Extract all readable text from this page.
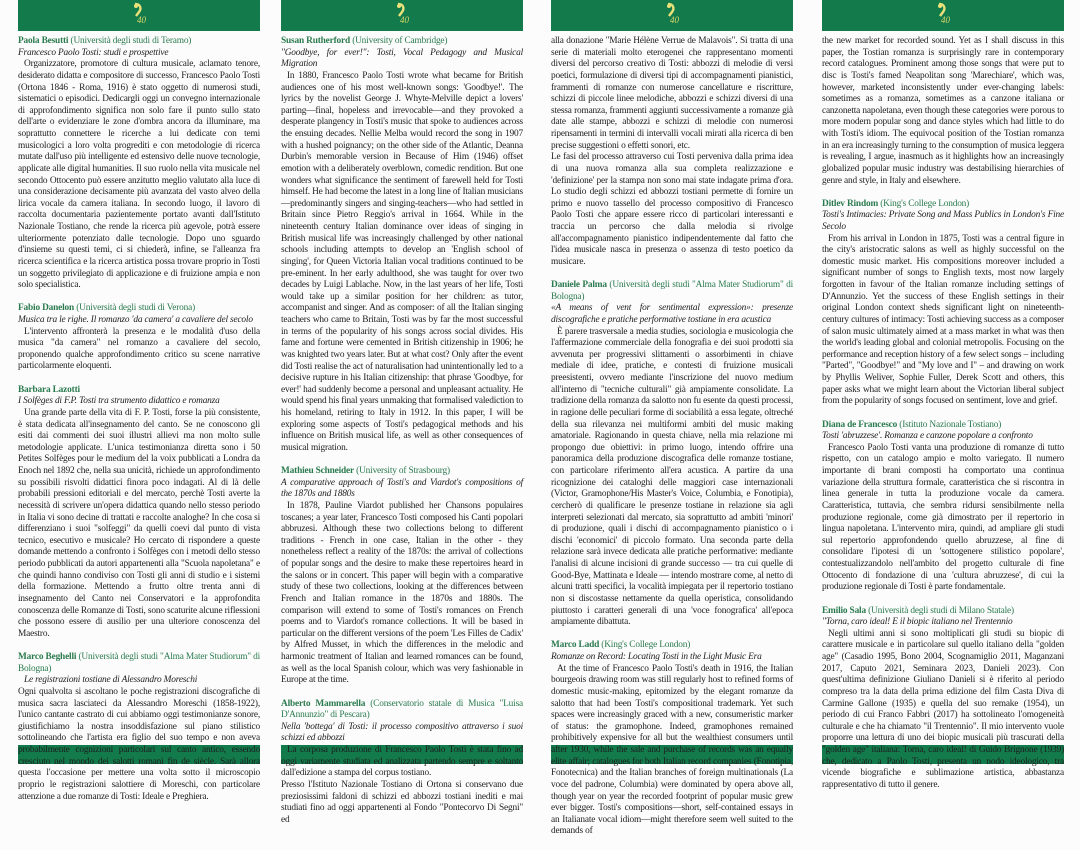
40
Paola Besutti (Università degli studi di Teramo)
Francesco Paolo Tosti: studi e prospettive

Organizzatore, promotore di cultura musicale, aclamato tenore, desiderato didatta e compositore di successo, Francesco Paolo Tosti (Ortona 1846 - Roma, 1916) è stato oggetto di numerosi studi, sistematici o episodici. Dedicargli oggi un convegno internazionale di approfondimento significa non solo fare il punto sullo stato dell'arte o evidenziare le zone d'ombra ancora da illuminare, ma soprattutto connettere le ricerche a lui dedicate con temi musicologici a loro volta progrediti e con metodologie di ricerca mutate dall'uso più intelligente ed estensivo delle nuove tecnologie, applicate alle digital humanities. Il suo ruolo nella vita musicale nel secondo Ottocento può essere anzitutto meglio valutato alla luce di una considerazione decisamente più avanzata del vasto alveo della lirica vocale da camera italiana. In secondo luogo, il lavoro di raccolta documentaria pazientemente portato avanti dall'Istituto Nazionale Tostiano, che rende la ricerca più agevole, potrà essere ulteriormente potenziato dalle tecnologie. Dopo uno sguardo d'insieme su questi temi, ci si chiederà, infine, se l'alleanza fra ricerca scientifica e la ricerca artistica possa trovare proprio in Tosti un soggetto privilegiato di applicazione e di fruizione ampia e non solo specialistica.

Fabio Danelon (Università degli studi di Verona)
Musica tra le righe. Il romanzo 'da camera' a cavaliere del secolo

L'intervento affronterà la presenza e le modalità d'uso della musica "da camera" nel romanzo a cavaliere del secolo, proponendo qualche approfondimento critico su scene narrative particolarmente eloquenti.

Barbara Lazotti
I Solfèges di F.P. Tosti tra strumento didattico e romanza

Una grande parte della vita di F. P. Tosti, forse la più consistente, è stata dedicata all'insegnamento del canto. Se ne conoscono gli esiti dai commenti dei suoi illustri allievi ma non molto sulle metodologie applicate. L'unica testimonianza diretta sono i 50 Petites Solfèges pour le medium del la voix pubblicati a Londra da Enoch nel 1892 che, nella sua unicità, richiede un approfondimento su possibili risvolti didattici finora poco indagati. Al di là delle probabili pressioni editoriali e del mercato, perchè Tosti averte la necessità di scrivere un'opera didattica quando nello stesso periodo in Italia vi sono decine di trattati e raccolte analoghe? In che cosa si differenziano i suoi "solfeggi" da quelli coevi dal punto di vista tecnico, esecutivo e musicale? Ho cercato di rispondere a queste domande mettendo a confronto i Solfèges con i metodi dello stesso periodo pubblicati da autori appartenenti alla "Scuola napoletana" e che quindi hanno condiviso con Tosti gli anni di studio e i sistemi della formazione. Mettendo a frutto oltre trenta anni di insegnamento del Canto nei Conservatori e la approfondita conoscenza delle Romanze di Tosti, sono scaturite alcune riflessioni che possono essere di ausilio per una ulteriore conoscenza del Maestro.

Marco Beghelli (Università degli studi "Alma Mater Studiorum" di Bologna)
Le registrazioni tostiane di Alessandro Moreschi

Ogni qualvolta si ascoltano le poche registrazioni discografiche di musica sacra lasciateci da Alessandro Moreschi (1858-1922), l'unico cantante castrato di cui abbiamo oggi testimonianze sonore, giustifichiamo la nostra insoddisfazione sul piano stilistico sottolineando che l'artista era figlio del suo tempo e non aveva probabilmente cognizioni particolari sul canto antico, essendo cresciuto nel mondo dei salotti romani fin de siècle. Sarà allora questa l'occasione per mettere una volta sotto il microscopio proprio le registrazioni salottiere di Moreschi, con particolare attenzione a due romanze di Tosti: Ideale e Preghiera.

40
Susan Rutherford (University of Cambridge)
"Goodbye, for ever!": Tosti, Vocal Pedagogy and Musical Migration

In 1880, Francesco Paolo Tosti wrote what became for British audiences one of his most well-known songs: 'Goodbye!'. The lyrics by the novelist George J. Whyte-Melville depict a lovers' parting—final, hopeless and irrevocable—and they provoked a desperate plangency in Tosti's music that spoke to audiences across the ensuing decades. Nellie Melba would record the song in 1907 with a hushed poignancy; on the other side of the Atlantic, Deanna Durbin's memorable version in Because of Him (1946) offset emotion with a deliberately overblown, comedic rendition. But one wonders what significance the sentiment of farewell held for Tosti himself. He had become the latest in a long line of Italian musicians—predominantly singers and singing-teachers—who had settled in Britain since Pietro Reggio's arrival in 1664. While in the nineteenth century Italian dominance over ideas of singing in British musical life was increasingly challenged by other national schools including attempts to develop an 'English school of singing', for Queen Victoria Italian vocal traditions continued to be pre-eminent. In her early adulthood, she was taught for over two decades by Luigi Lablache. Now, in the last years of her life, Tosti would take up a similar position for her children: as tutor, accompanist and singer. And as composer: of all the Italian singing teachers who came to Britain, Tosti was by far the most successful in terms of the popularity of his songs across social divides. His fame and fortune were cemented in British citizenship in 1906; he was knighted two years later. But at what cost? Only after the event did Tosti realise the act of naturalisation had unintentionally led to a decisive rupture in his Italian citizenship: that phrase 'Goodbye, for ever!' had suddenly become a personal and unpleasant actuality. He would spend his final years unmaking that formalised valediction to his homeland, retiring to Italy in 1912. In this paper, I will be exploring some aspects of Tosti's pedagogical methods and his influence on British musical life, as well as other consequences of musical migration.

Mathieu Schneider (University of Strasbourg)
A comparative approach of Tosti's and Viardot's compositions of the 1870s and 1880s

In 1878, Pauline Viardot published her Chansons populaires toscanes; a year later, Francesco Tosti composed his Canti popolari abbruzesi. Although these two collections belong to different traditions - French in one case, Italian in the other - they nonetheless reflect a reality of the 1870s: the arrival of collections of popular songs and the desire to make these repertoires heard in the salons or in concert. This paper will begin with a comparative study of these two collections, looking at the differences between French and Italian romance in the 1870s and 1880s. The comparison will extend to some of Tosti's romances on French poems and to Viardot's romance collections. It will be based in particular on the different versions of the poem 'Les Filles de Cadix' by Alfred Musset, in which the differences in the melodic and harmonic treatment of Italian and learned romances can be found, as well as the local Spanish colour, which was very fashionable in Europe at the time.

Alberto Mammarella (Conservatorio statale di Musica "Luisa D'Annunzio" di Pescara)
Nella 'bottega' di Tosti: il processo compositivo attraverso i suoi schizzi ed abbozzi

La corposa produzione di Francesco Paolo Tosti è stata fino ad oggi variamente studiata ed analizzata partendo sempre e soltanto dall'edizione a stampa del corpus tostiano.

Presso l'Istituto Nazionale Tostiano di Ortona si conservano due preziosissimi faldoni di schizzi ed abbozzi tostiani inediti e mai studiati fino ad oggi appartenenti al Fondo "Pontecorvo Di Segni" ed

40

alla donazione "Marie Hélène Verrue de Malavois". Si tratta di una serie di materiali molto eterogenei che rappresentano momenti diversi del percorso creativo di Tosti: abbozzi di melodie di versi poetici, formulazione di diversi tipi di accompagnamenti pianistici, frammenti di romanze con numerose cancellature e riscritture, schizzi di piccole linee melodiche, abbozzi e schizzi diversi di una stessa romanza, frammenti aggiunti successivamente a romanze già date alle stampe, abbozzi e schizzi di melodie con numerosi ripensamenti in termini di intervalli vocali mirati alla ricerca di ben precise suggestioni o effetti sonori, etc.

Le fasi del processo attraverso cui Tosti perveniva dalla prima idea di una nuova romanza alla sua completa realizzazione e 'definizione' per la stampa non sono mai state indagate prima d'ora. Lo studio degli schizzi ed abbozzi tostiani permette di fornire un primo e nuovo tassello del processo compositivo di Francesco Paolo Tosti che appare essere ricco di particolari interessanti e traccia un percorso che dalla melodia si rivolge all'accompagnamento pianistico indipendentemente dal fatto che l'idea musicale nasca in presenza o assenza di testo poetico da musicare.

Daniele Palma (Università degli studi "Alma Mater Studiorum" di Bologna)
«A means of vent for sentimental expression»: presenze discografiche e pratiche performative tostiane in era acustica

È parere trasversale a media studies, sociologia e musicologia che l'affermazione commerciale della fonografia e dei suoi prodotti sia avvenuta per progressivi slittamenti o assorbimenti in chiave mediale di idee, pratiche, e contesti di fruizione musicali preesistenti, ovvero mediante l'inscrizione del nuovo medium all'interno di "tecniche culturali" già ampiamente consolidate. La tradizione della romanza da salotto non fu esente da questi processi, in ragione delle peculiari forme di sociabilità a essa legate, oltreché della sua rilevanza nei multiformi ambiti del music making amatoriale. Ragionando in questa chiave, nella mia relazione mi propongo due obiettivi: in primo luogo, intendo offrire una panoramica della produzione discografica delle romanze tostiane, con particolare riferimento all'era acustica. A partire da una ricognizione dei cataloghi delle maggiori case internazionali (Victor, Gramophone/His Master's Voice, Columbia, e Fonotipia), cercherò di qualificare le presenze tostiane in relazione sia agli interpreti selezionati dal mercato, sia soprattutto ad ambiti 'minori' di produzione, quali i dischi di accompagnamento pianistico o i dischi 'economici' di piccolo formato. Una seconda parte della relazione sarà invece dedicata alle pratiche performative: mediante l'analisi di alcune incisioni di grande successo — tra cui quelle di Good-Bye, Mattinata e Ideale — intendo mostrare come, al netto di alcuni tratti specifici, la vocalità impiegata per il repertorio tostiano non si discostasse nettamente da quella operistica, consolidando piuttosto i caratteri generali di una 'voce fonografica' all'epoca ampiamente dibattuta.

Marco Ladd (King's College London)
Romanze on Record: Locating Tosti in the Light Music Era

At the time of Francesco Paolo Tosti's death in 1916, the Italian bourgeois drawing room was still regularly host to refined forms of domestic music-making, epitomized by the elegant romanze da salotto that had been Tosti's compositional trademark. Yet such spaces were increasingly graced with a new, consumeristic marker of status: the gramophone. Indeed, gramophones remained prohibitively expensive for all but the wealthiest consumers until after 1930, while the sale and purchase of records was an equally elite affair; catalogues for both Italian record companies (Fonotipia, Fonotecnica) and the Italian branches of foreign multinationals (La voce del padrone, Columbia) were dominated by opera above all, though year on year the recorded footprint of popular music grew ever bigger. Tosti's compositions—short, self-contained essays in an Italianate vocal idiom—might therefore seem well suited to the demands of

40

the new market for recorded sound. Yet as I shall discuss in this paper, the Tostian romanza is surprisingly rare in contemporary record catalogues. Prominent among those songs that were put to disc is Tosti's famed Neapolitan song 'Marechiare', which was, however, marketed inconsistently under ever-changing labels: sometimes as a romanza, sometimes as a canzone italiana or canzonetta napoletana, even though these categories were porous to more modern popular song and dance styles which had little to do with Tosti's idiom. The equivocal position of the Tostian romanza in an era increasingly turning to the consumption of musica leggera is revealing, I argue, inasmuch as it highlights how an increasingly globalized popular music industry was destabilising hierarchies of genre and style, in Italy and elsewhere.

Ditlev Rindom (King's College London)
Tosti's Intimacies: Private Song and Mass Publics in London's Fine Secolo

From his arrival in London in 1875, Tosti was a central figure in the city's aristocratic salons as well as highly successful on the domestic music market. His compositions moreover included a significant number of songs to English texts, most now largely forgotten in favour of the Italian romanze including settings of D'Annunzio. Yet the success of these English settings in their original London context sheds significant light on nineteenth-century cultures of intimacy: Tosti achieving success as a composer of salon music ultimately aimed at a mass market in what was then the world's leading global and colonial metropolis. Focusing on the performance and reception history of a few select songs – including "Parted", "Goodbye!" and "My love and I" – and drawing on work by Phyllis Weliver, Sophie Fuller, Derek Scott and others, this paper asks what we might learn about the Victorian liberal subject from the popularity of songs focused on sentiment, love and grief.

Diana de Francesco (Istituto Nazionale Tostiano)
Tosti 'abruzzese'. Romanza e canzone popolare a confronto

Francesco Paolo Tosti vanta una produzione di romanze di tutto rispetto, con un catalogo ampio e molto variegato. Il numero importante di brani composti ha comportato una continua variazione della struttura formale, caratteristica che si riscontra in linea generale in tutta la produzione vocale da camera. Caratteristica, tuttavia, che sembra ridursi sensibilmente nella produzione regionale, come già dimostrato per il repertorio in lingua napoletana. L'intervento mira, quindi, ad ampliare gli studi sul repertorio approfondendo quello abruzzese, al fine di consolidare l'ipotesi di un 'sottogenere stilistico popolare', contestualizzandolo nell'ambito del progetto culturale di fine Ottocento di fondazione di una 'cultura abruzzese', di cui la produzione regionale di Tosti è parte fondamentale.

Emilio Sala (Università degli studi di Milano Statale)
"Torna, caro ideal! E il biopic italiano nel Trentennio

Negli ultimi anni si sono moltiplicati gli studi su biopic di carattere musicale e in particolare sul quello italiano della "golden age" (Casadio 1995, Bono 2004, Scognamiglio 2011, Maganzani 2017, Caputo 2021, Seminara 2023, Danieli 2023). Con quest'ultima definizione Giuliano Danieli si è riferito al periodo compreso tra la data della prima edizione del film Casta Diva di Carmine Gallone (1935) e quella del suo remake (1954), un periodo di cui Franco Fabbri (2017) ha sottolineato l'omogeneità culturale e che ha chiamato "il Trentennio". Il mio intervento vuole proporre una lettura di uno dei biopic musicali più trascurati della "golden age" italiana: Torna, caro ideal! di Guido Brignone (1939) che, dedicato a Paolo Tosti, presenta un nodo ideologico, tra vicende biografiche e sublimazione artistica, abbastanza rappresentativo di tutto il genere.
